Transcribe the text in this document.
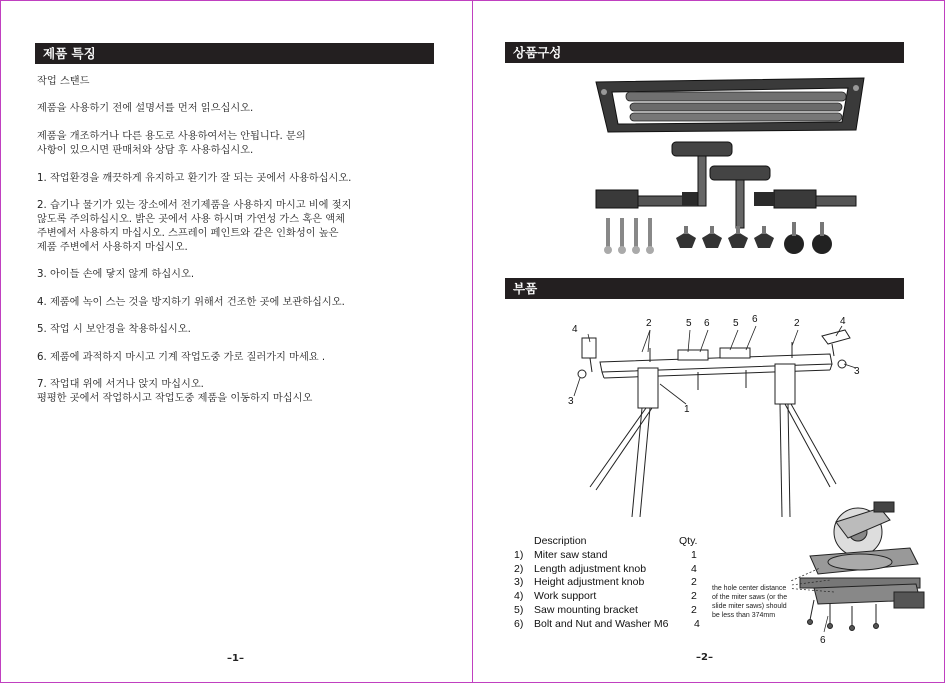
제품 특징

작업 스탠드

제품을 사용하기 전에 설명서를 먼저 읽으십시오.

제품을 개조하거나 다른 용도로 사용하여서는 안됩니다. 문의
사항이 있으시면 판매처와 상담 후 사용하십시오.

1. 작업환경을 깨끗하게 유지하고 환기가 잘 되는 곳에서 사용하십시오.

2. 습기나 물기가 있는 장소에서 전기제품을 사용하지 마시고 비에 젖지
않도록 주의하십시오. 밝은 곳에서 사용 하시며 가연성 가스 혹은 액체
주변에서 사용하지 마십시오. 스프레이 페인트와 같은 인화성이 높은
제품 주변에서 사용하지 마십시오.

3. 아이들 손에 닿지 않게 하십시오.

4. 제품에 녹이 스는 것을 방지하기 위해서 건조한 곳에 보관하십시오.

5. 작업 시 보안경을 착용하십시오.

6. 제품에 과적하지 마시고 기계 작업도중 가로 질러가지 마세요 .

7. 작업대 위에 서거나 앉지 마십시오.
평평한 곳에서 작업하시고 작업도중 제품을 이동하지 마십시오

–1–
상품구성
부품
4
2	5 6 5 6	2	4
3
3
1
Description	Qty.
1)	Miter saw stand	1
2)	Length adjustment knob	4
3)	Height adjustment knob	2
4)	Work support	2
5)	Saw mounting bracket	2
6)	Bolt and Nut and Washer M6	4
6
the hole center distance of the miter saws (or the slide miter saws) should be less than 374mm
–2–
